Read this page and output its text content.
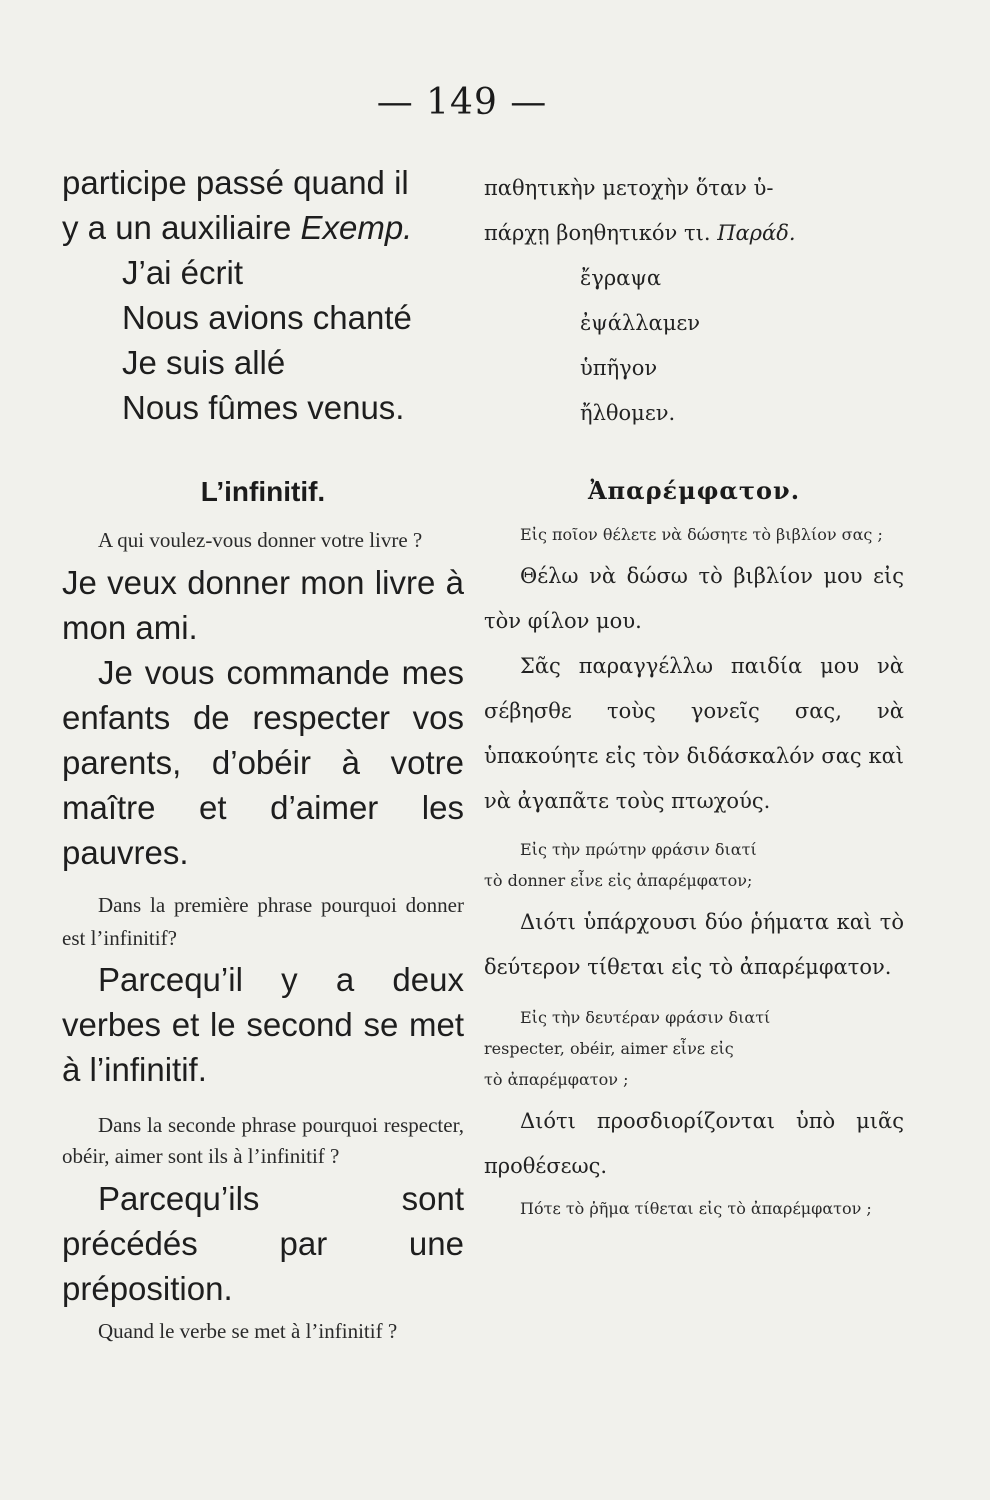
— 149 —
participe passé quand il
y a un auxiliaire Exemp.
J’ai écrit
Nous avions chanté
Je suis allé
Nous fûmes venus.
L’infinitif.
A qui voulez-vous donner votre livre ?
Je veux donner mon livre à mon ami.
Je vous commande mes enfants de respecter vos parents, d’obéir à votre maître et d’aimer les pauvres.
Dans la première phrase pourquoi donner est l’infinitif?
Parcequ’il y a deux verbes et le second se met à l’infinitif.
Dans la seconde phrase pourquoi respecter, obéir, aimer sont ils à l’infinitif ?
Parcequ’ils sont précédés par une préposition.
Quand le verbe se met à l’infinitif ?
παθητικὴν μετοχὴν ὅταν ὑ-
πάρχῃ βοηθητικόν τι. Παράδ.
ἔγραψα
ἐψάλλαμεν
ὑπῆγον
ἤλθομεν.
Ἀπαρέμφατον.
Εἰς ποῖον θέλετε νὰ δώσητε τὸ βιβλίον σας ;
Θέλω νὰ δώσω τὸ βιβλίον μου εἰς τὸν φίλον μου.
Σᾶς παραγγέλλω παιδία μου νὰ σέβησθε τοὺς γονεῖς σας, νὰ ὑπακούητε εἰς τὸν διδάσκαλόν σας καὶ νὰ ἀγαπᾶτε τοὺς πτωχούς.
Εἰς τὴν πρώτην φράσιν διατί
τὸ donner εἶνε εἰς ἀπαρέμφατον;
Διότι ὑπάρχουσι δύο ῥήματα καὶ τὸ δεύτερον τίθεται εἰς τὸ ἀπαρέμφατον.
Εἰς τὴν δευτέραν φράσιν διατί
respecter, obéir, aimer εἶνε εἰς
τὸ ἀπαρέμφατον ;
Διότι προσδιορίζονται ὑπὸ μιᾶς προθέσεως.
Πότε τὸ ῥῆμα τίθεται εἰς τὸ ἀπαρέμφατον ;
